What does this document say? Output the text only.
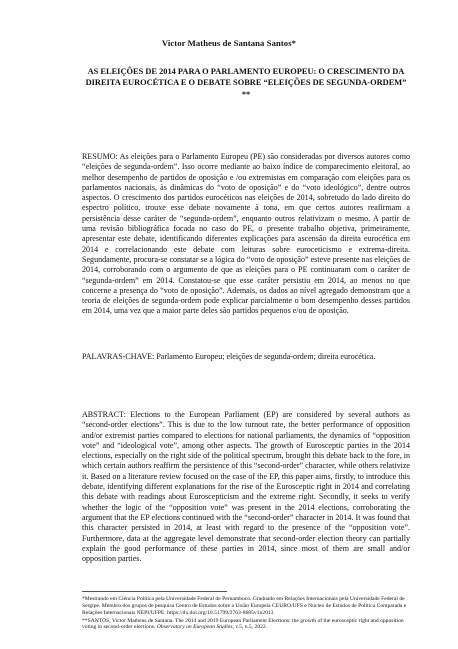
Victor Matheus de Santana Santos*
AS ELEIÇÕES DE 2014 PARA O PARLAMENTO EUROPEU: O CRESCIMENTO DA DIREITA EUROCÉTICA E O DEBATE SOBRE “ELEIÇÕES DE SEGUNDA-ORDEM” **
RESUMO: As eleições para o Parlamento Europeu (PE) são consideradas por diversos autores como “eleições de segunda-ordem”. Isso ocorre mediante ao baixo índice de comparecimento eleitoral, ao melhor desempenho de partidos de oposição e /ou extremistas em comparação com eleições para os parlamentos nacionais, às dinâmicas do “voto de oposição” e do “voto ideológico”, dentre outros aspectos. O crescimento dos partidos eurocéticos nas eleições de 2014, sobretudo do lado direito do espectro político, trouxe esse debate novamente à tona, em que certos autores reafirmam a persistência desse caráter de “segunda-ordem”, enquanto outros relativizam o mesmo. A partir de uma revisão bibliográfica focada no caso do PE, o presente trabalho objetiva, primeiramente, apresentar este debate, identificando diferentes explicações para ascensão da direita eurocética em 2014 e correlacionando este debate com leituras sobre euroceticismo e extrema-direita. Segundamente, procura-se constatar se a lógica do “voto de oposição” esteve presente nas eleições de 2014, corroborando com o argumento de que as eleições para o PE continuaram com o caráter de “segunda-ordem” em 2014. Constatou-se que esse caráter persistiu em 2014, ao menos no que concerne a presença do “voto de oposição”. Ademais, os dados ao nível agregado demonstram que a teoria de eleições de segunda-ordem pode explicar parcialmente o bom desempenho desses partidos em 2014, uma vez que a maior parte deles são partidos pequenos e/ou de oposição.
PALAVRAS-CHAVE: Parlamento Europeu; eleições de segunda-ordem; direita eurocética.
ABSTRACT: Elections to the European Parliament (EP) are considered by several authors as “second-order elections”. This is due to the low turnout rate, the better performance of opposition and/or extremist parties compared to elections for national parliaments, the dynamics of “opposition vote” and “ideological vote”, among other aspects. The growth of Eurosceptic parties in the 2014 elections, especially on the right side of the political spectrum, brought this debate back to the fore, in which certain authors reaffirm the persistence of this “second-order” character, while others relativize it. Based on a literature review focused on the case of the EP, this paper aims, firstly, to introduce this debate, identifying different explanations for the rise of the Eurosceptic right in 2014 and correlating this debate with readings about Euroscepticism and the extreme right. Secondly, it seeks to verify whether the logic of the “opposition vote” was present in the 2014 elections, corroborating the argument that the EP elections continued with the “second-order” character in 2014. It was found that this character persisted in 2014, at least with regard to the presence of the “opposition vote”. Furthermore, data at the aggregate level demonstrate that second-order election theory can partially explain the good performance of these parties in 2014, since most of them are small and/or opposition parties.

*Mestrando em Ciência Política pela Universidade Federal de Pernambuco. Graduado em Relações Internacionais pela Universidade Federal de Sergipe. Membro dos grupos de pesquisa Centro de Estudos sobre a União Europeia CEURO/UFS e Núcleo de Estudos de Política Comparada e Relações Internacionais NEPI/UFPE. https://dx.doi.org/10.51799/2763-8685v1n2013

**SANTOS, Victor Matheus de Santana. The 2014 and 2019 European Parliament Elections: the growth of the eurosceptic right and opposition voting in second-order elections. Observatory on European Studies, v.5, n.5, 2022.
